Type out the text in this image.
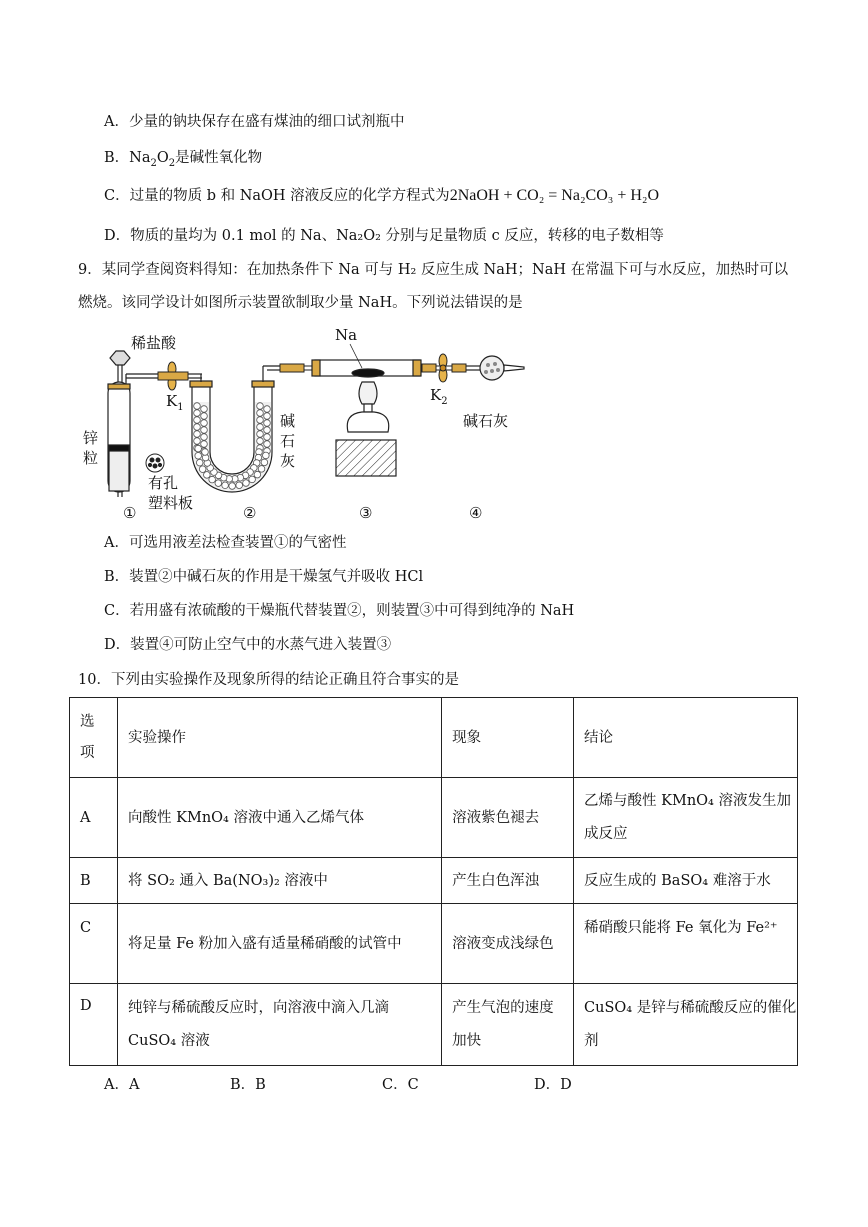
A．少量的钠块保存在盛有煤油的细口试剂瓶中
B．$Na_2O_2$是碱性氧化物
C．过量的物质 b 和 NaOH 溶液反应的化学方程式为2NaOH + CO₂ = Na₂CO₃ + H₂O
D．物质的量均为 0.1 mol 的 Na、Na₂O₂ 分别与足量物质 c 反应，转移的电子数相等
9．某同学查阅资料得知：在加热条件下 Na 可与 H₂ 反应生成 NaH；NaH 在常温下可与水反应，加热时可以
燃烧。该同学设计如图所示装置欲制取少量 NaH。下列说法错误的是
稀盐酸
$K_1$
锌
粒
有孔
塑料板
碱
石
灰
Na
$K_2$
碱石灰
①	②	③	④
A．可选用液差法检查装置①的气密性
B．装置②中碱石灰的作用是干燥氢气并吸收 HCl
C．若用盛有浓硫酸的干燥瓶代替装置②，则装置③中可得到纯净的 NaH
D．装置④可防止空气中的水蒸气进入装置③
10．下列由实验操作及现象所得的结论正确且符合事实的是
选
项	实验操作	现象	结论
A	向酸性 KMnO₄ 溶液中通入乙烯气体	溶液紫色褪去	乙烯与酸性 KMnO₄ 溶液发生加
成反应
B	将 SO₂ 通入 Ba(NO₃)₂ 溶液中	产生白色浑浊	反应生成的 BaSO₄ 难溶于水
C	将足量 Fe 粉加入盛有适量稀硝酸的试管中	溶液变成浅绿色	稀硝酸只能将 Fe 氧化为 Fe²⁺
D	纯锌与稀硫酸反应时，向溶液中滴入几滴
CuSO₄ 溶液	产生气泡的速度
加快	CuSO₄ 是锌与稀硫酸反应的催化
剂
A．A	B．B	C．C	D．D
